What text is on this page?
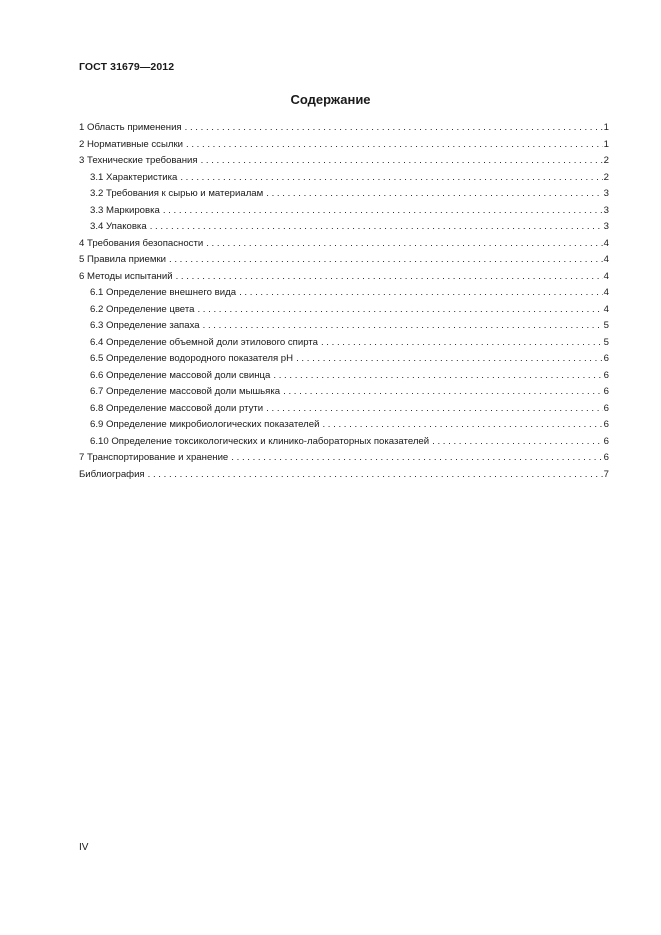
ГОСТ 31679—2012
Содержание
1 Область применения . . .	1
2 Нормативные ссылки . . .	1
3 Технические требования . . .	2
3.1 Характеристика . . .	2
3.2 Требования к сырью и материалам . . .	3
3.3 Маркировка . . .	3
3.4 Упаковка . . .	3
4 Требования безопасности . . .	4
5 Правила приемки . . .	4
6 Методы испытаний . . .	4
6.1 Определение внешнего вида . . .	4
6.2 Определение цвета . . .	4
6.3 Определение запаха . . .	5
6.4 Определение объемной доли этилового спирта . . .	5
6.5 Определение водородного показателя рН . . .	6
6.6 Определение массовой доли свинца . . .	6
6.7 Определение массовой доли мышьяка . . .	6
6.8 Определение массовой доли ртути . . .	6
6.9 Определение микробиологических показателей . . .	6
6.10 Определение токсикологических и клинико-лабораторных показателей . . .	6
7 Транспортирование и хранение . . .	6
Библиография . . .	7
IV
